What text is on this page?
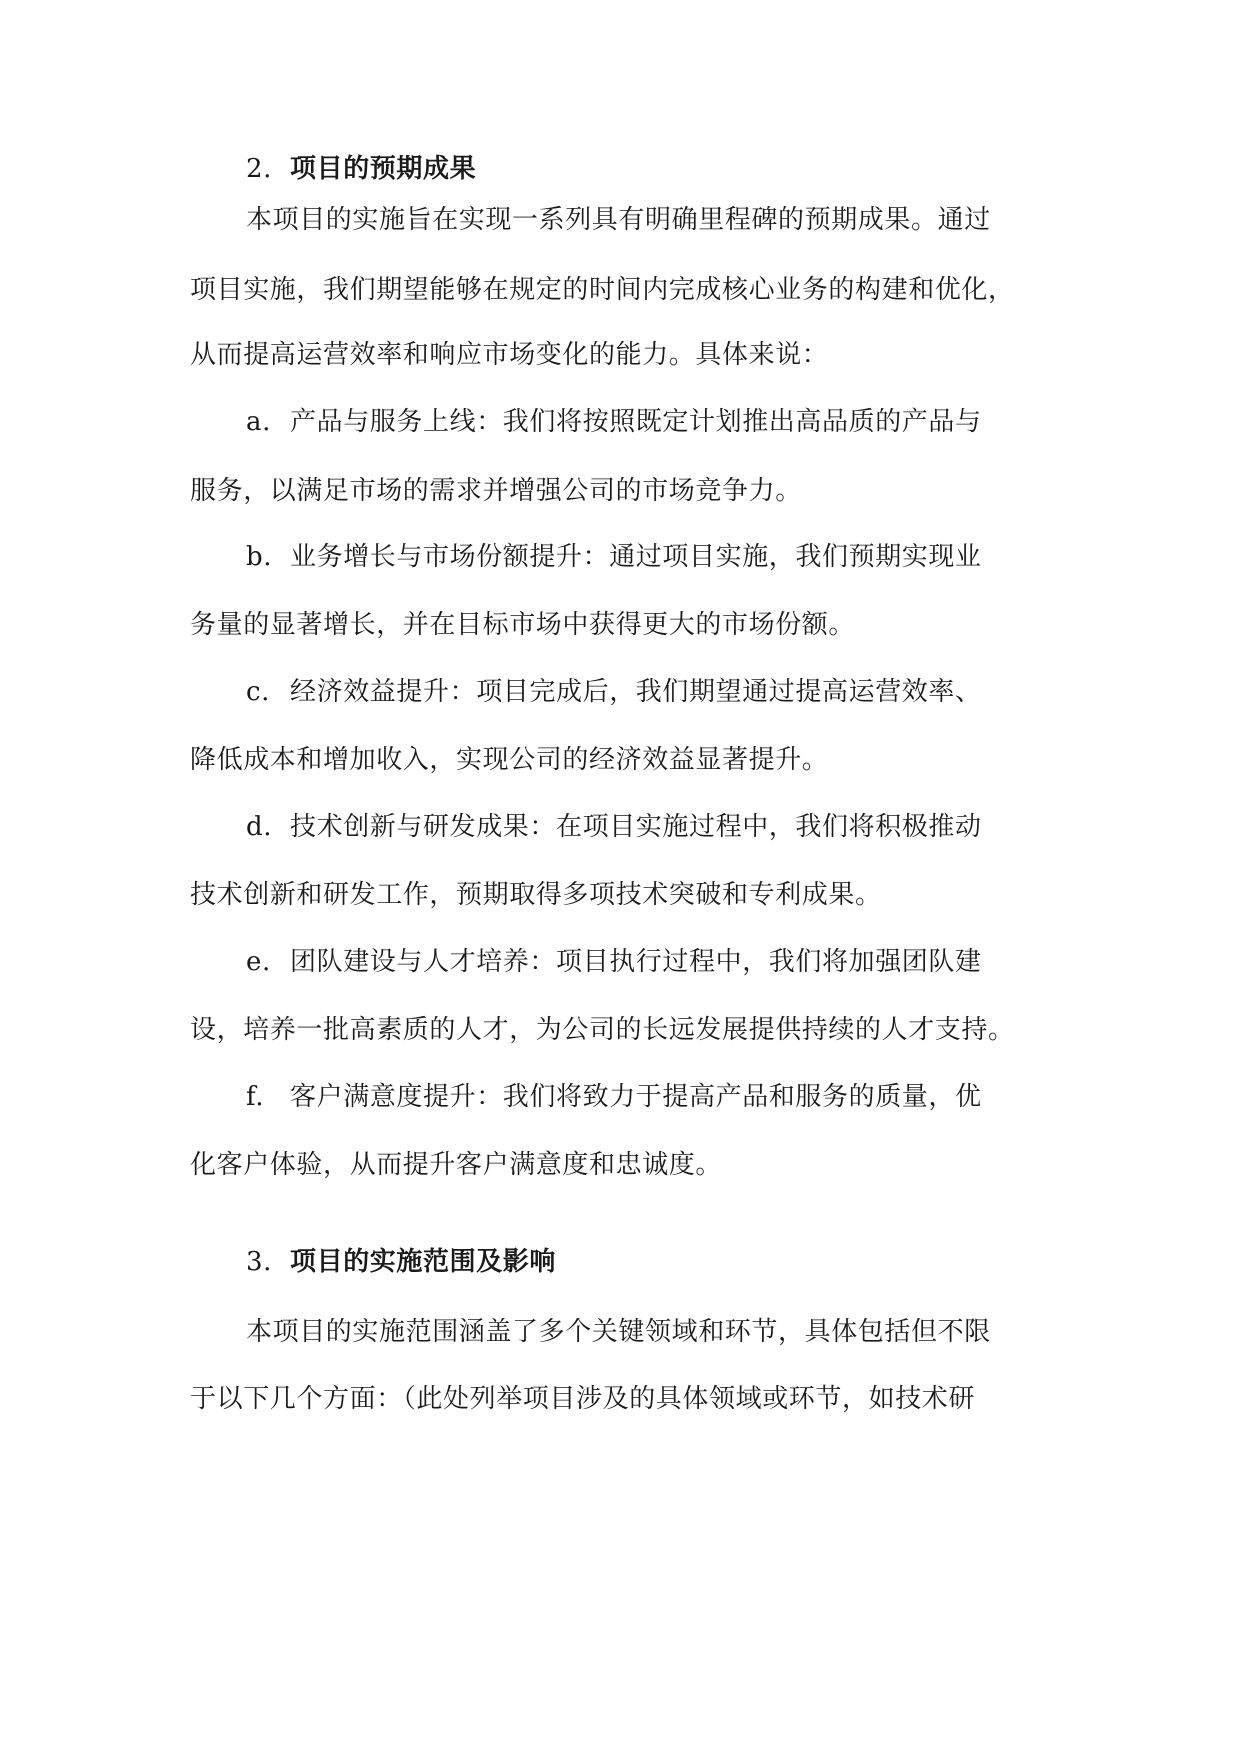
2. 项目的预期成果
本项目的实施旨在实现一系列具有明确里程碑的预期成果。通过
项目实施，我们期望能够在规定的时间内完成核心业务的构建和优化，
从而提高运营效率和响应市场变化的能力。具体来说：
a. 产品与服务上线：我们将按照既定计划推出高品质的产品与
服务，以满足市场的需求并增强公司的市场竞争力。
b. 业务增长与市场份额提升：通过项目实施，我们预期实现业
务量的显著增长，并在目标市场中获得更大的市场份额。
c. 经济效益提升：项目完成后，我们期望通过提高运营效率、
降低成本和增加收入，实现公司的经济效益显著提升。
d. 技术创新与研发成果：在项目实施过程中，我们将积极推动
技术创新和研发工作，预期取得多项技术突破和专利成果。
e. 团队建设与人才培养：项目执行过程中，我们将加强团队建
设，培养一批高素质的人才，为公司的长远发展提供持续的人才支持。
f. 客户满意度提升：我们将致力于提高产品和服务的质量，优
化客户体验，从而提升客户满意度和忠诚度。
3. 项目的实施范围及影响
本项目的实施范围涵盖了多个关键领域和环节，具体包括但不限
于以下几个方面：（此处列举项目涉及的具体领域或环节，如技术研
